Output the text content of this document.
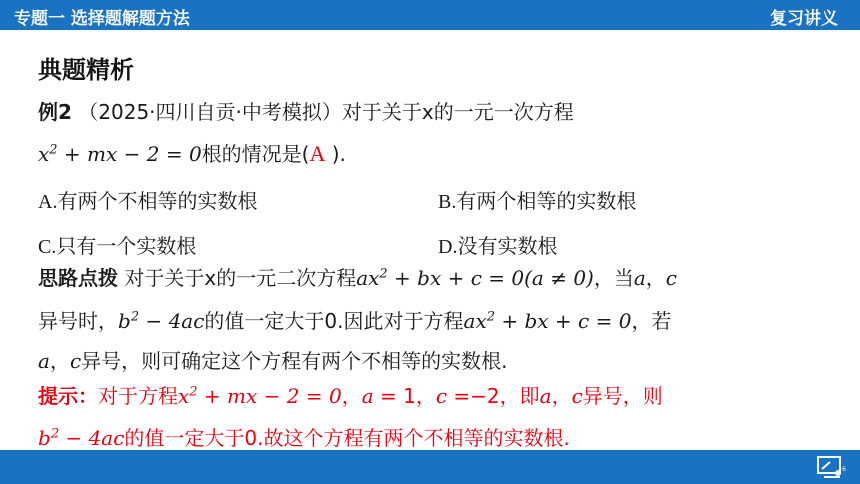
专题一 选择题解题方法	复习讲义
典题精析
例2 （2025·四川自贡·中考模拟）对于关于x的一元一次方程
$x^2$ + mx − 2 = 0根的情况是(A ).
A.有两个不相等的实数根	B.有两个相等的实数根
C.只有一个实数根	D.没有实数根
思路点拨 对于关于x的一元二次方程$ax^2$ + bx + c = 0(a ≠ 0)，当a，c
异号时，$b^2 - 4ac$的值一定大于0.因此对于方程$ax^2$ + bx + c = 0，若
a，c异号，则可确定这个方程有两个不相等的实数根.
提示：对于方程$x^2$ + mx − 2 = 0，a = 1，c =−2，即a，c异号，则
$b^2 - 4ac$的值一定大于0.故这个方程有两个不相等的实数根.
6
